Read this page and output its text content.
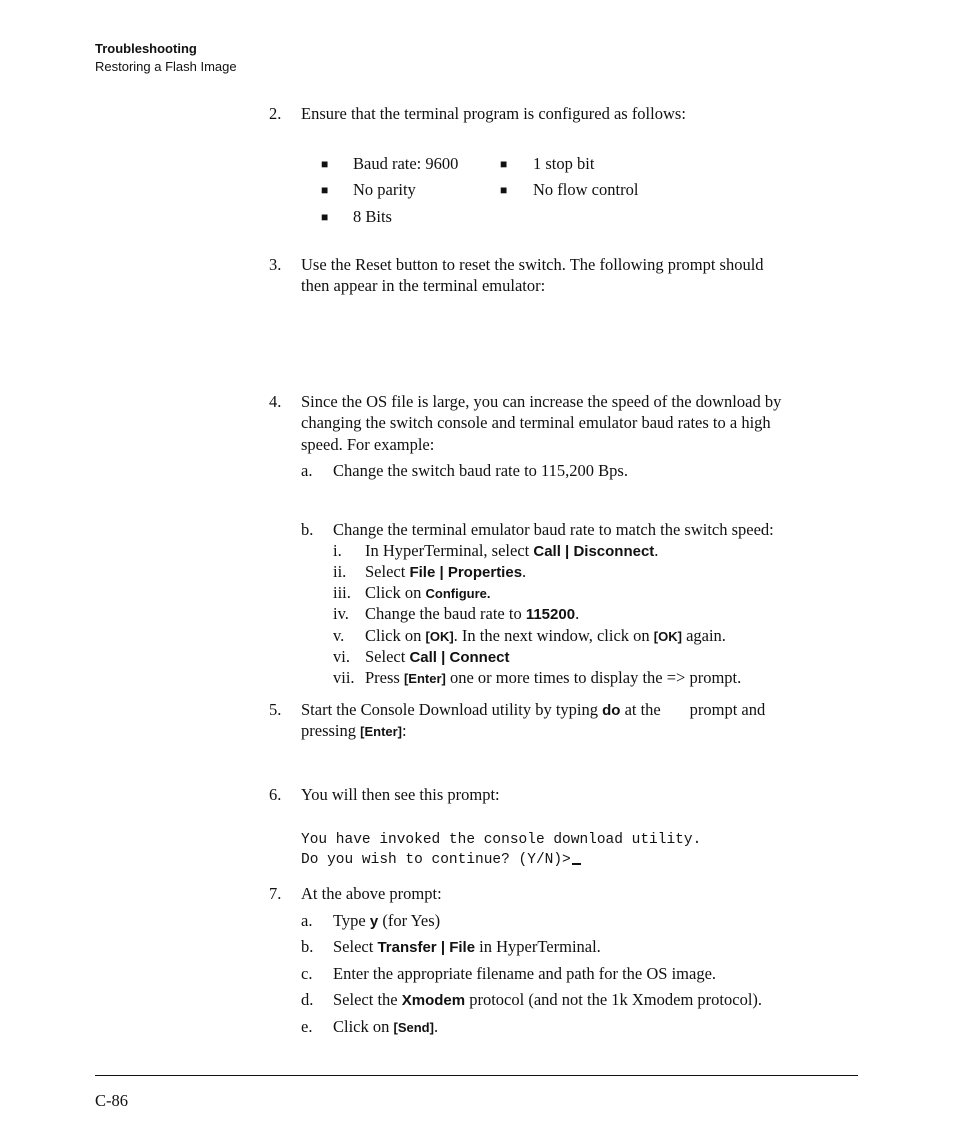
Troubleshooting
Restoring a Flash Image
2. Ensure that the terminal program is configured as follows:
■ Baud rate: 9600	■ 1 stop bit
■ No parity	■ No flow control
■ 8 Bits
3. Use the Reset button to reset the switch. The following prompt should
then appear in the terminal emulator:
4. Since the OS file is large, you can increase the speed of the download by
changing the switch console and terminal emulator baud rates to a high
speed. For example:
a. Change the switch baud rate to 115,200 Bps.
b. Change the terminal emulator baud rate to match the switch speed:
i. In HyperTerminal, select Call | Disconnect.
ii. Select File | Properties.
iii. Click on Configure.
iv. Change the baud rate to 115200.
v. Click on [OK]. In the next window, click on [OK] again.
vi. Select Call | Connect
vii. Press [Enter] one or more times to display the => prompt.
5. Start the Console Download utility by typing do at the       prompt and
pressing [Enter]:
6. You will then see this prompt:
You have invoked the console download utility.
Do you wish to continue? (Y/N)>
7. At the above prompt:
a. Type y (for Yes)
b. Select Transfer | File in HyperTerminal.
c. Enter the appropriate filename and path for the OS image.
d. Select the Xmodem protocol (and not the 1k Xmodem protocol).
e. Click on [Send].
C-86
